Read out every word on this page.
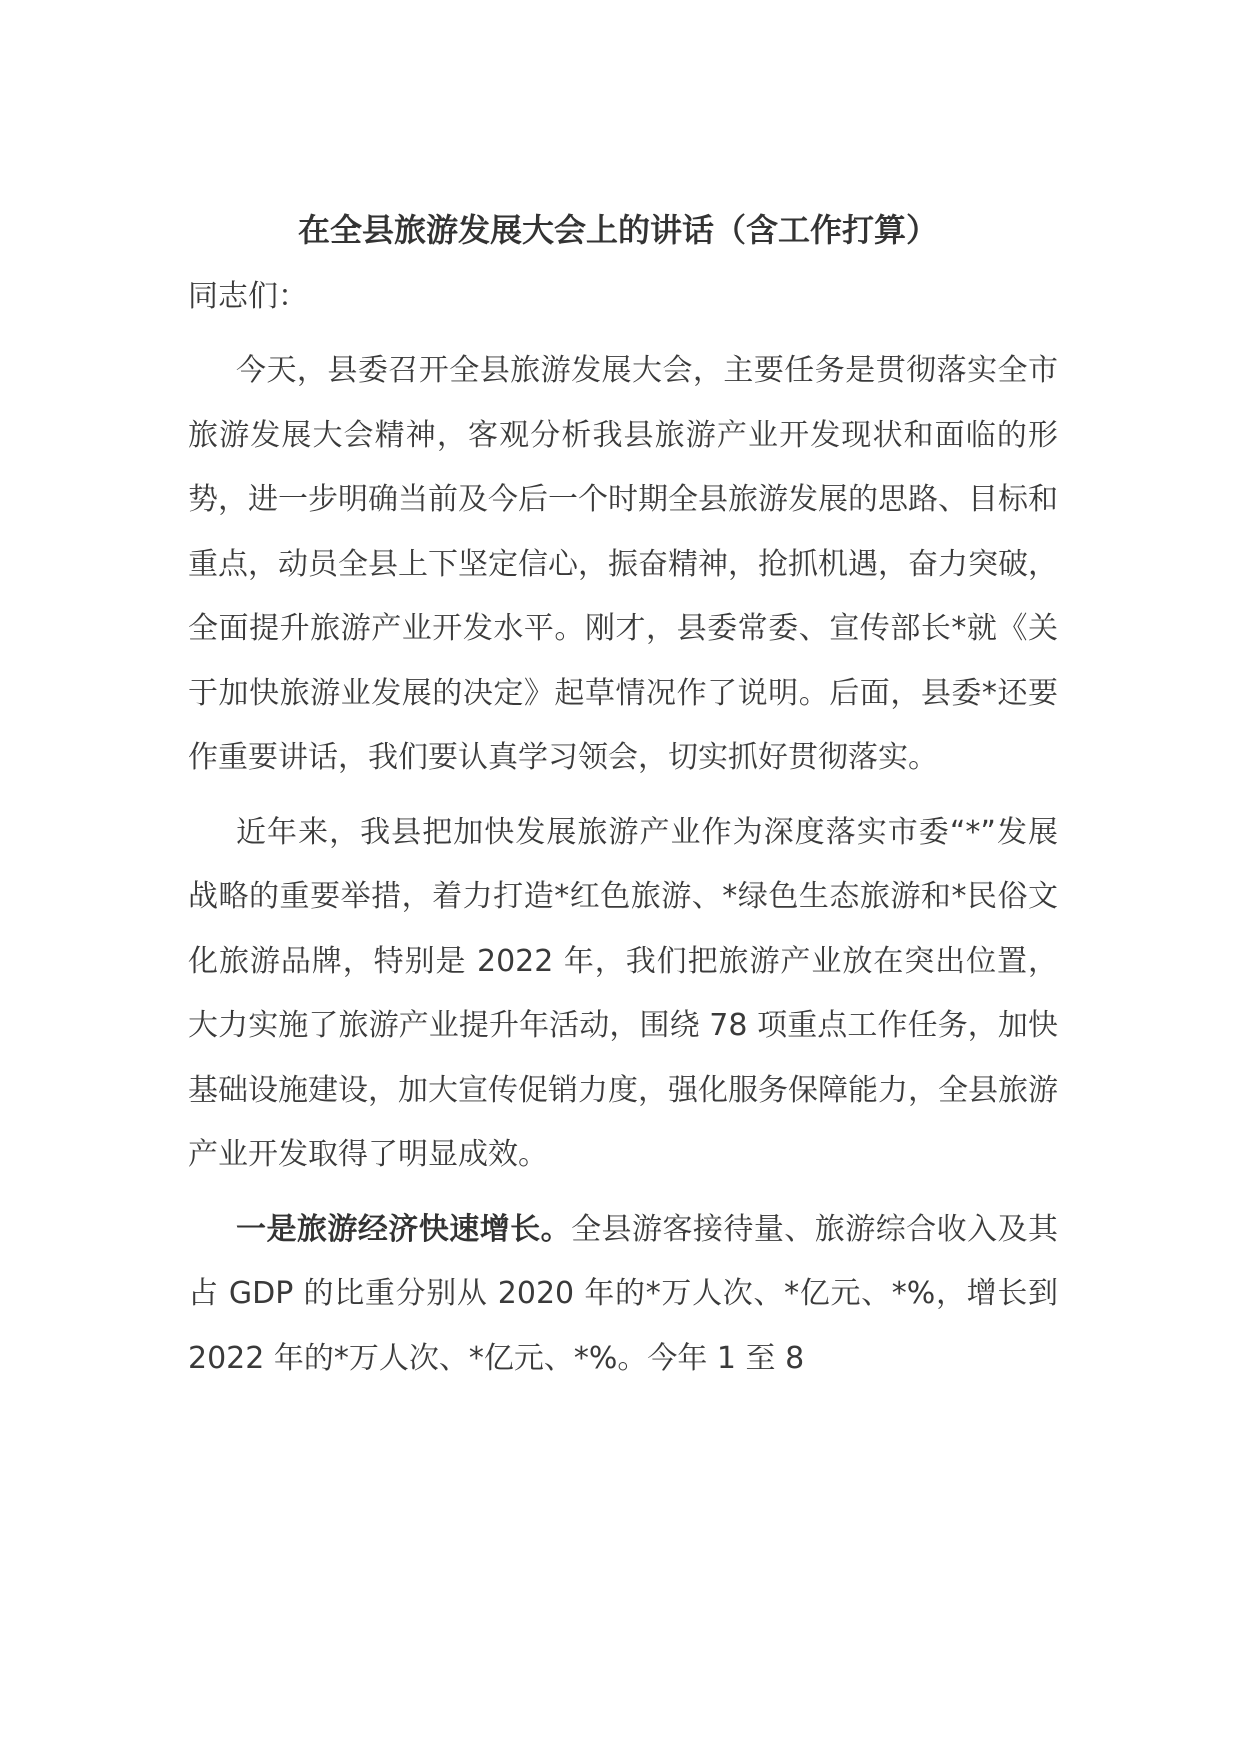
在全县旅游发展大会上的讲话（含工作打算）

同志们：

今天，县委召开全县旅游发展大会，主要任务是贯彻落实全市旅游发展大会精神，客观分析我县旅游产业开发现状和面临的形势，进一步明确当前及今后一个时期全县旅游发展的思路、目标和重点，动员全县上下坚定信心，振奋精神，抢抓机遇，奋力突破，全面提升旅游产业开发水平。刚才，县委常委、宣传部长*就《关于加快旅游业发展的决定》起草情况作了说明。后面，县委*还要作重要讲话，我们要认真学习领会，切实抓好贯彻落实。

近年来，我县把加快发展旅游产业作为深度落实市委“*”发展战略的重要举措，着力打造*红色旅游、*绿色生态旅游和*民俗文化旅游品牌，特别是 2022 年，我们把旅游产业放在突出位置，大力实施了旅游产业提升年活动，围绕 78 项重点工作任务，加快基础设施建设，加大宣传促销力度，强化服务保障能力，全县旅游产业开发取得了明显成效。

一是旅游经济快速增长。全县游客接待量、旅游综合收入及其占 GDP 的比重分别从 2020 年的*万人次、*亿元、*%，增长到 2022 年的*万人次、*亿元、*%。今年 1 至 8
